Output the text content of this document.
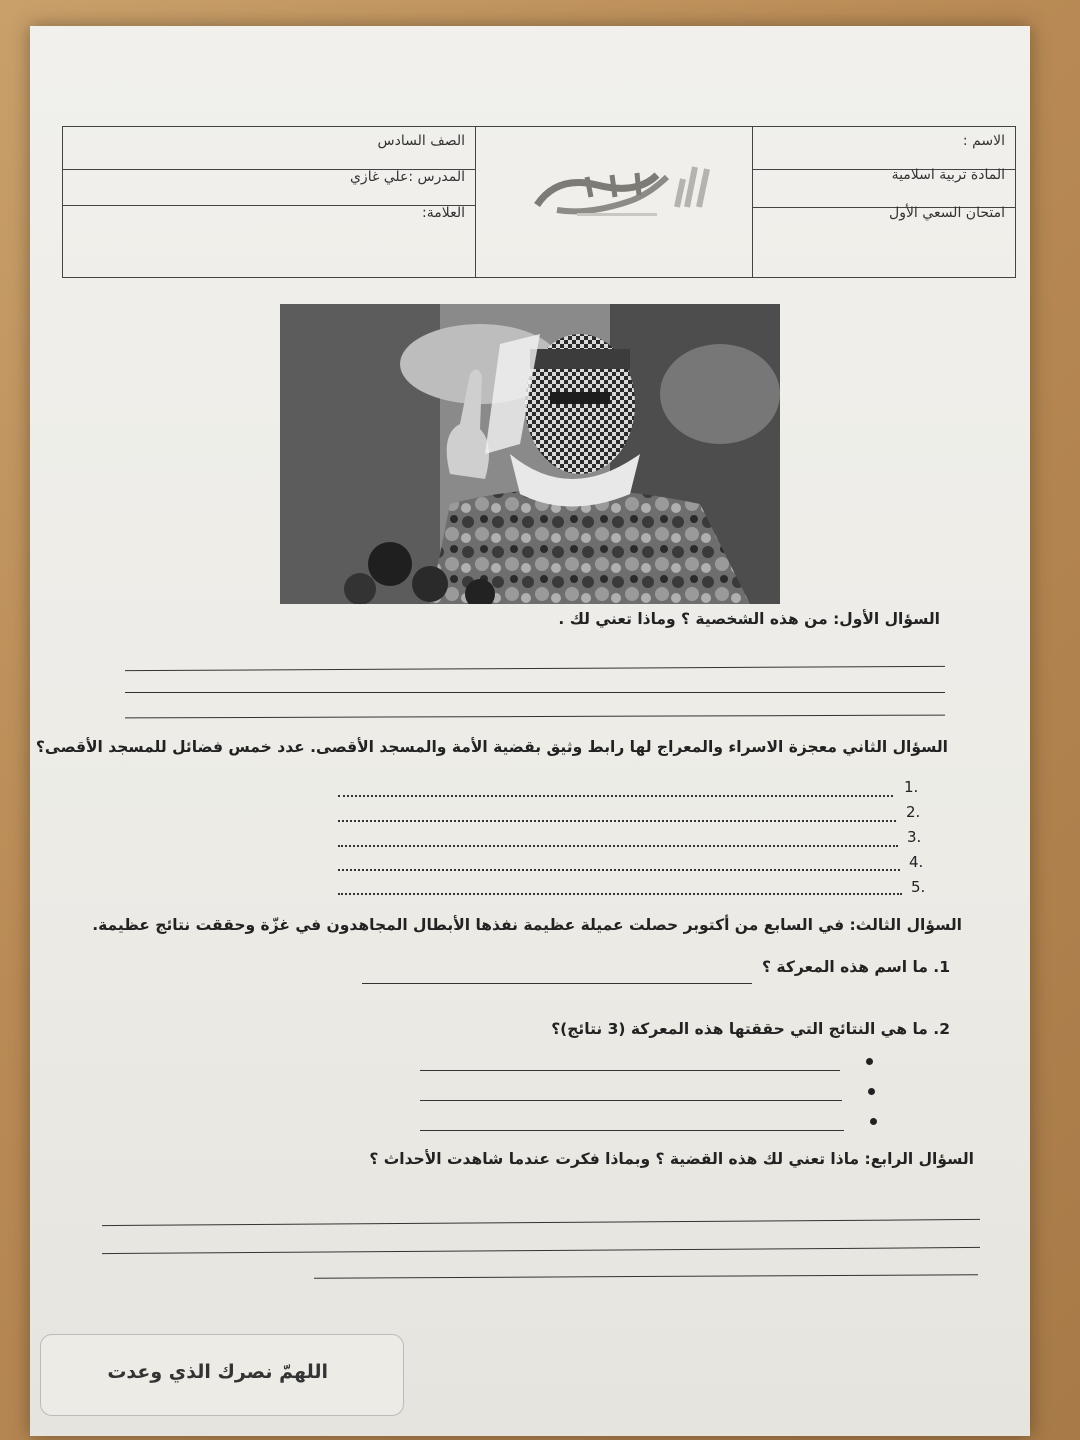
الاسم :
المادة تربية اسلامية
امتحان السعي الأول
الصف السادس
المدرس :علي غازي
العلامة:
السؤال الأول: من هذه الشخصية ؟ وماذا تعني لك .
السؤال الثاني معجزة الاسراء والمعراج لها رابط وثيق بقضية الأمة والمسجد الأقصى. عدد خمس فضائل للمسجد الأقصى؟
1.
2.
3.
4.
5.
السؤال الثالث: في السابع من أكتوبر حصلت عميلة عظيمة نفذها الأبطال المجاهدون في غزّة وحققت نتائج عظيمة.
1. ما اسم هذه المعركة ؟
2. ما هي النتائج التي حققتها هذه المعركة (3 نتائج)؟
السؤال الرابع: ماذا تعني لك هذه القضية ؟ وبماذا فكرت عندما شاهدت الأحداث ؟
اللهمّ نصرك الذي وعدت
